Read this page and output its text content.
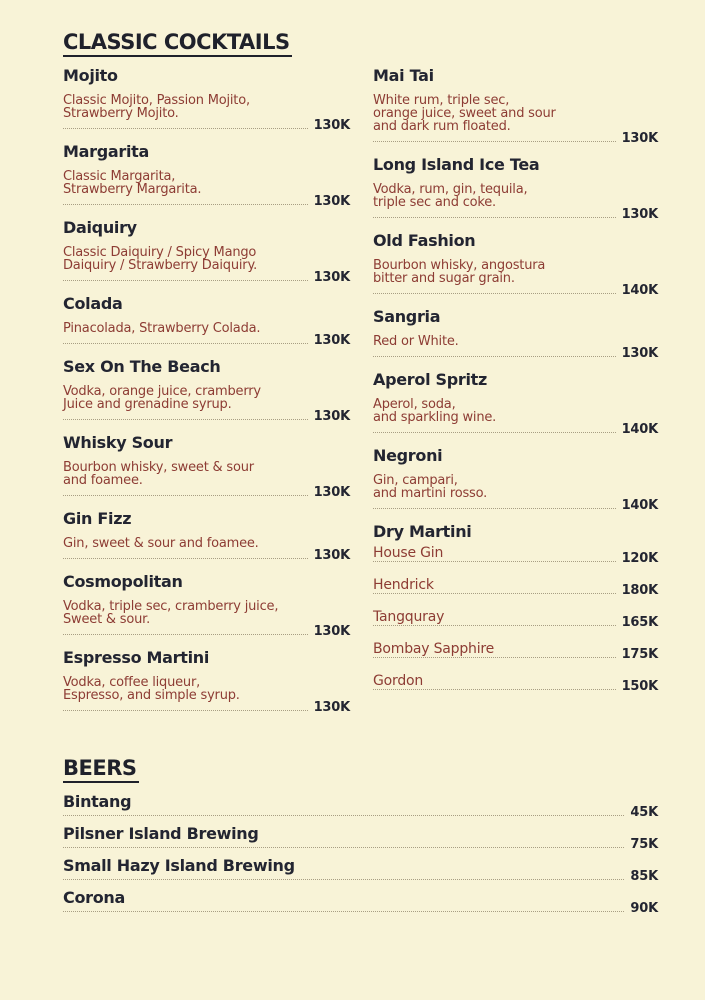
CLASSIC COCKTAILS
Mojito
Classic Mojito, Passion Mojito,
Strawberry Mojito.
130K
Margarita
Classic Margarita,
Strawberry Margarita.
130K
Daiquiry
Classic Daiquiry / Spicy Mango
Daiquiry / Strawberry Daiquiry.
130K
Colada
Pinacolada, Strawberry Colada.
130K
Sex On The Beach
Vodka, orange juice, cramberry
Juice and grenadine syrup.
130K
Whisky Sour
Bourbon whisky, sweet & sour
and foamee.
130K
Gin Fizz
Gin, sweet & sour and foamee.
130K
Cosmopolitan
Vodka, triple sec, cramberry juice,
Sweet & sour.
130K
Espresso Martini
Vodka, coffee liqueur,
Espresso, and simple syrup.
130K
Mai Tai
White rum, triple sec,
orange juice, sweet and sour
and dark rum floated.
130K
Long Island Ice Tea
Vodka, rum, gin, tequila,
triple sec and coke.
130K
Old Fashion
Bourbon whisky, angostura
bitter and sugar grain.
140K
Sangria
Red or White.
130K
Aperol Spritz
Aperol, soda,
and sparkling wine.
140K
Negroni
Gin, campari,
and martini rosso.
140K
Dry Martini
House Gin	120K
Hendrick	180K
Tangquray	165K
Bombay Sapphire	175K
Gordon	150K
BEERS
Bintang
45K
Pilsner Island Brewing
75K
Small Hazy Island Brewing
85K
Corona
90K
